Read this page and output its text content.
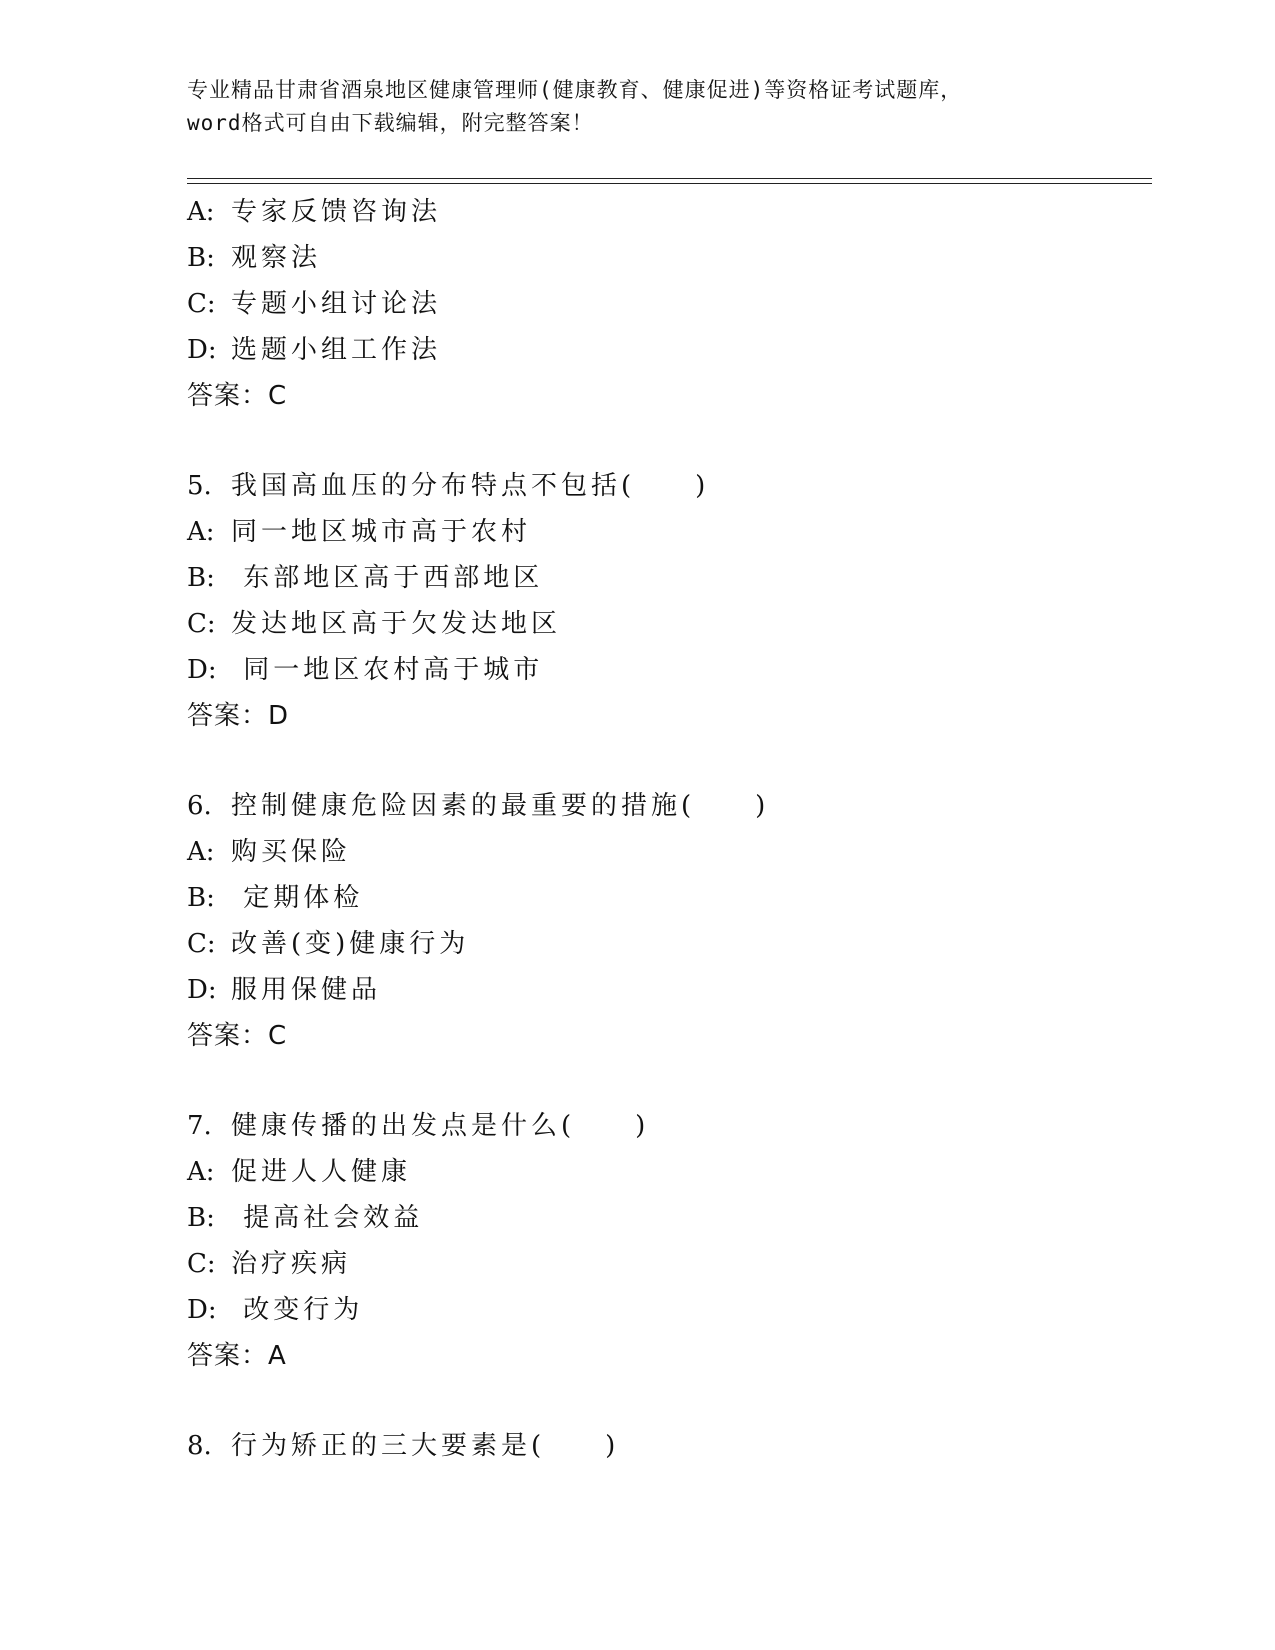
专业精品甘肃省酒泉地区健康管理师(健康教育、健康促进)等资格证考试题库，
word格式可自由下载编辑，附完整答案！
A: 专家反馈咨询法
B: 观察法
C: 专题小组讨论法
D: 选题小组工作法
答案：C
5. 我国高血压的分布特点不包括(　　)
A: 同一地区城市高于农村
B: 东部地区高于西部地区
C: 发达地区高于欠发达地区
D: 同一地区农村高于城市
答案：D
6. 控制健康危险因素的最重要的措施(　　)
A: 购买保险
B: 定期体检
C: 改善(变)健康行为
D: 服用保健品
答案：C
7. 健康传播的出发点是什么(　　)
A: 促进人人健康
B: 提高社会效益
C: 治疗疾病
D: 改变行为
答案：A
8. 行为矫正的三大要素是(　　)
